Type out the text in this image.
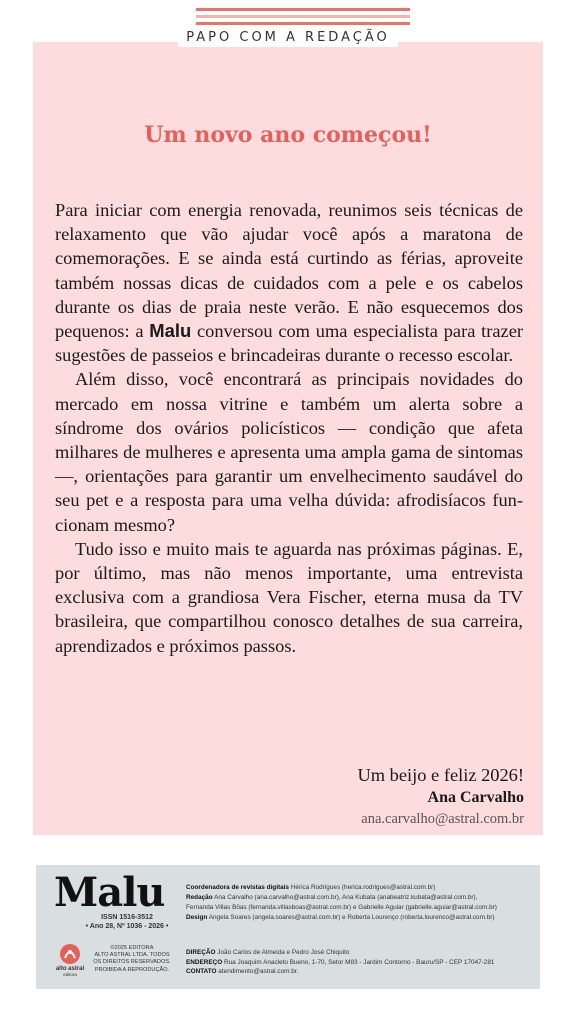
PAPO COM A REDAÇÃO
Um novo ano começou!

Para iniciar com energia renovada, reunimos seis técnicas de relaxamento que vão ajudar você após a maratona de comemorações. E se ainda está curtindo as férias, aproveite também nossas dicas de cuidados com a pele e os cabelos durante os dias de praia neste verão. E não esquecemos dos pequenos: a Malu conversou com uma especialista para trazer sugestões de passeios e brincadeiras durante o recesso escolar.

Além disso, você encontrará as principais novidades do mercado em nossa vitrine e também um alerta sobre a síndrome dos ovários policísticos — condição que afeta milhares de mulheres e apresenta uma ampla gama de sintomas —, orientações para garantir um envelhecimento saudável do seu pet e a resposta para uma velha dúvida: afrodisíacos funcionam mesmo?

Tudo isso e muito mais te aguarda nas próximas páginas. E, por último, mas não menos importante, uma entrevista exclusiva com a grandiosa Vera Fischer, eterna musa da TV brasileira, que compartilhou conosco detalhes de sua carreira, aprendizados e próximos passos.

Um beijo e feliz 2026!
Ana Carvalho
ana.carvalho@astral.com.br
Malu
ISSN 1516-3512
• Ano 28, Nº 1036 - 2026 •
Coordenadora de revistas digitais Hérica Rodrigues (herica.rodrigues@astral.com.br)
Redação Ana Carvalho (ana.carvalho@astral.com.br), Ana Kubata (anabeatriz.kubata@astral.com.br),
Fernanda Villas Bôas (fernanda.villasboas@astral.com.br) e Gabrielle Aguiar (gabrielle.aguiar@astral.com.br)
Design Angela Soares (angela.soares@astral.com.br) e Roberta Lourenço (roberta.lourenco@astral.com.br)
alto astral
editora
©2025 EDITORA
ALTO ASTRAL LTDA. TODOS
OS DIREITOS RESERVADOS.
PROIBIDA A REPRODUÇÃO.
DIREÇÃO João Carlos de Almeida e Pedro José Chiquito
ENDEREÇO Rua Joaquim Anacleto Bueno, 1-70, Setor M83 - Jardim Contorno - Bauru/SP - CEP 17047-281
CONTATO atendimento@astral.com.br.
